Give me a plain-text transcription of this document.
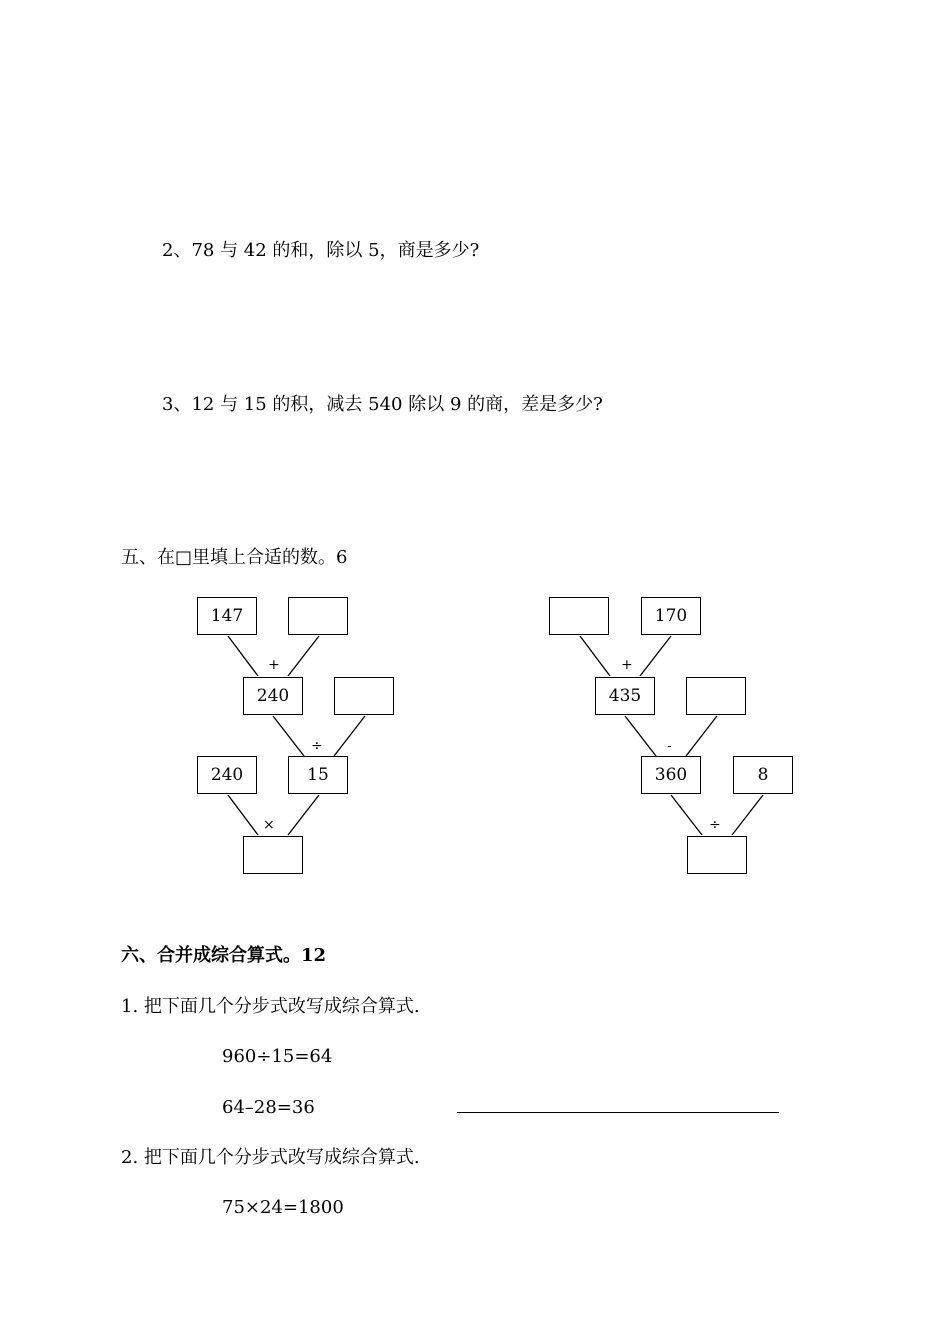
2、78 与 42 的和，除以 5，商是多少?
3、12 与 15 的积，减去 540 除以 9 的商，差是多少?
五、在□里填上合适的数。6
147
+
240
÷
240	15
×
170
+
435
-
360	8
÷
六、合并成综合算式。12
1. 把下面几个分步式改写成综合算式.
960÷15=64
64–28=36
2. 把下面几个分步式改写成综合算式.
75×24=1800
